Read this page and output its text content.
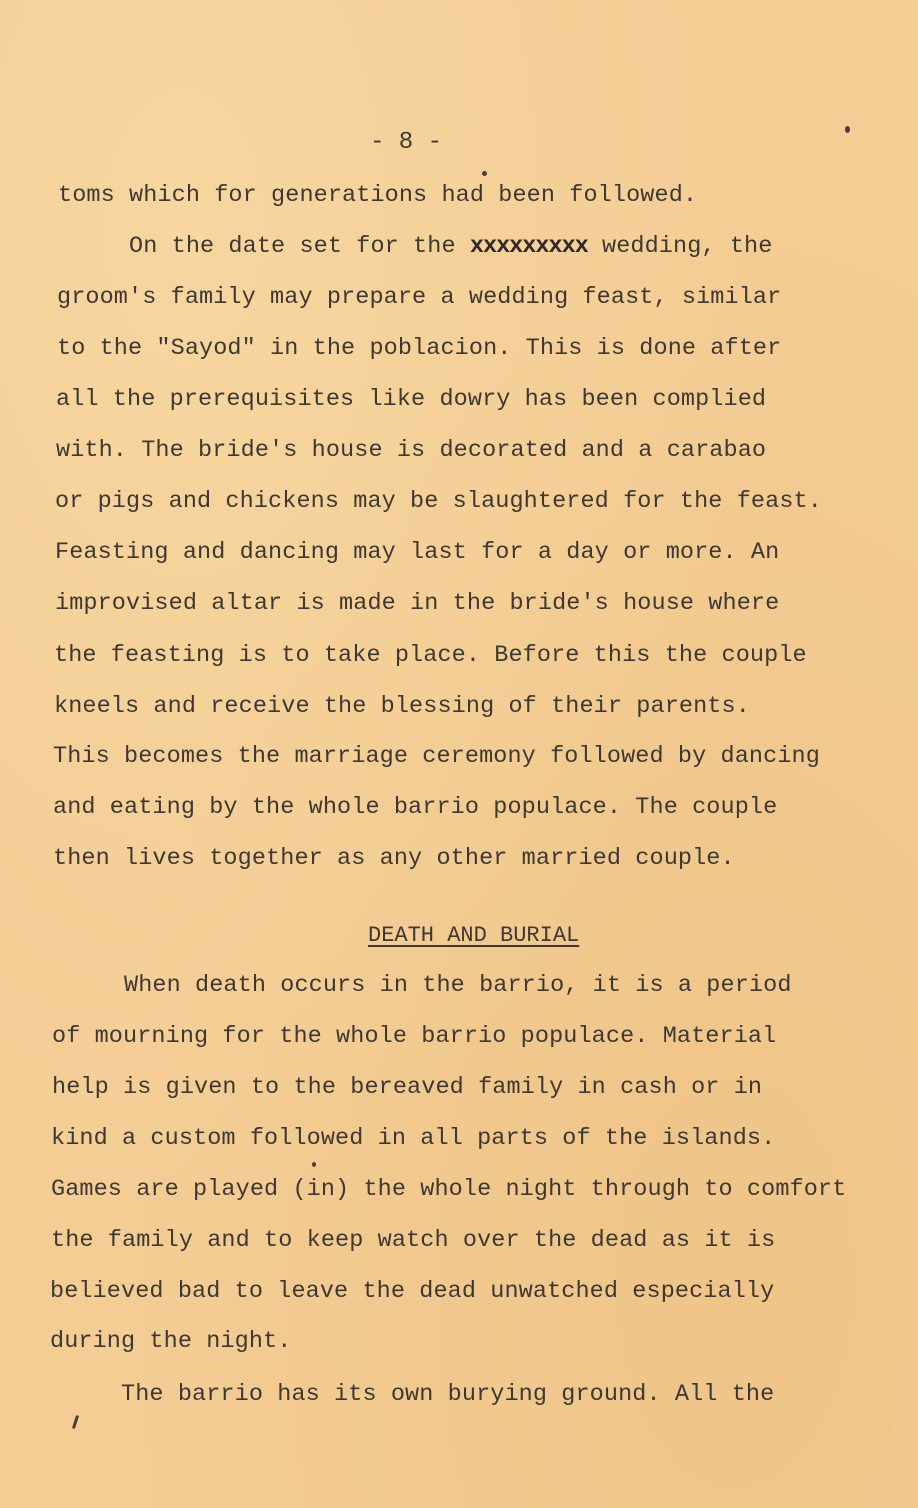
- 8 -
toms which for generations had been followed.
On the date set for the xxxxxxxxx wedding, the
groom's family may prepare a wedding feast, similar
to the "Sayod" in the poblacion. This is done after
all the prerequisites like dowry has been complied
with. The bride's house is decorated and a carabao
or pigs and chickens may be slaughtered for the feast.
Feasting and dancing may last for a day or more. An
improvised altar is made in the bride's house where
the feasting is to take place. Before this the couple
kneels and receive the blessing of their parents.
This becomes the marriage ceremony followed by dancing
and eating by the whole barrio populace. The couple
then lives together as any other married couple.
DEATH AND BURIAL
When death occurs in the barrio, it is a period
of mourning for the whole barrio populace. Material
help is given to the bereaved family in cash or in
kind a custom followed in all parts of the islands.
Games are played (in) the whole night through to comfort
the family and to keep watch over the dead as it is
believed bad to leave the dead unwatched especially
during the night.
The barrio has its own burying ground. All the
